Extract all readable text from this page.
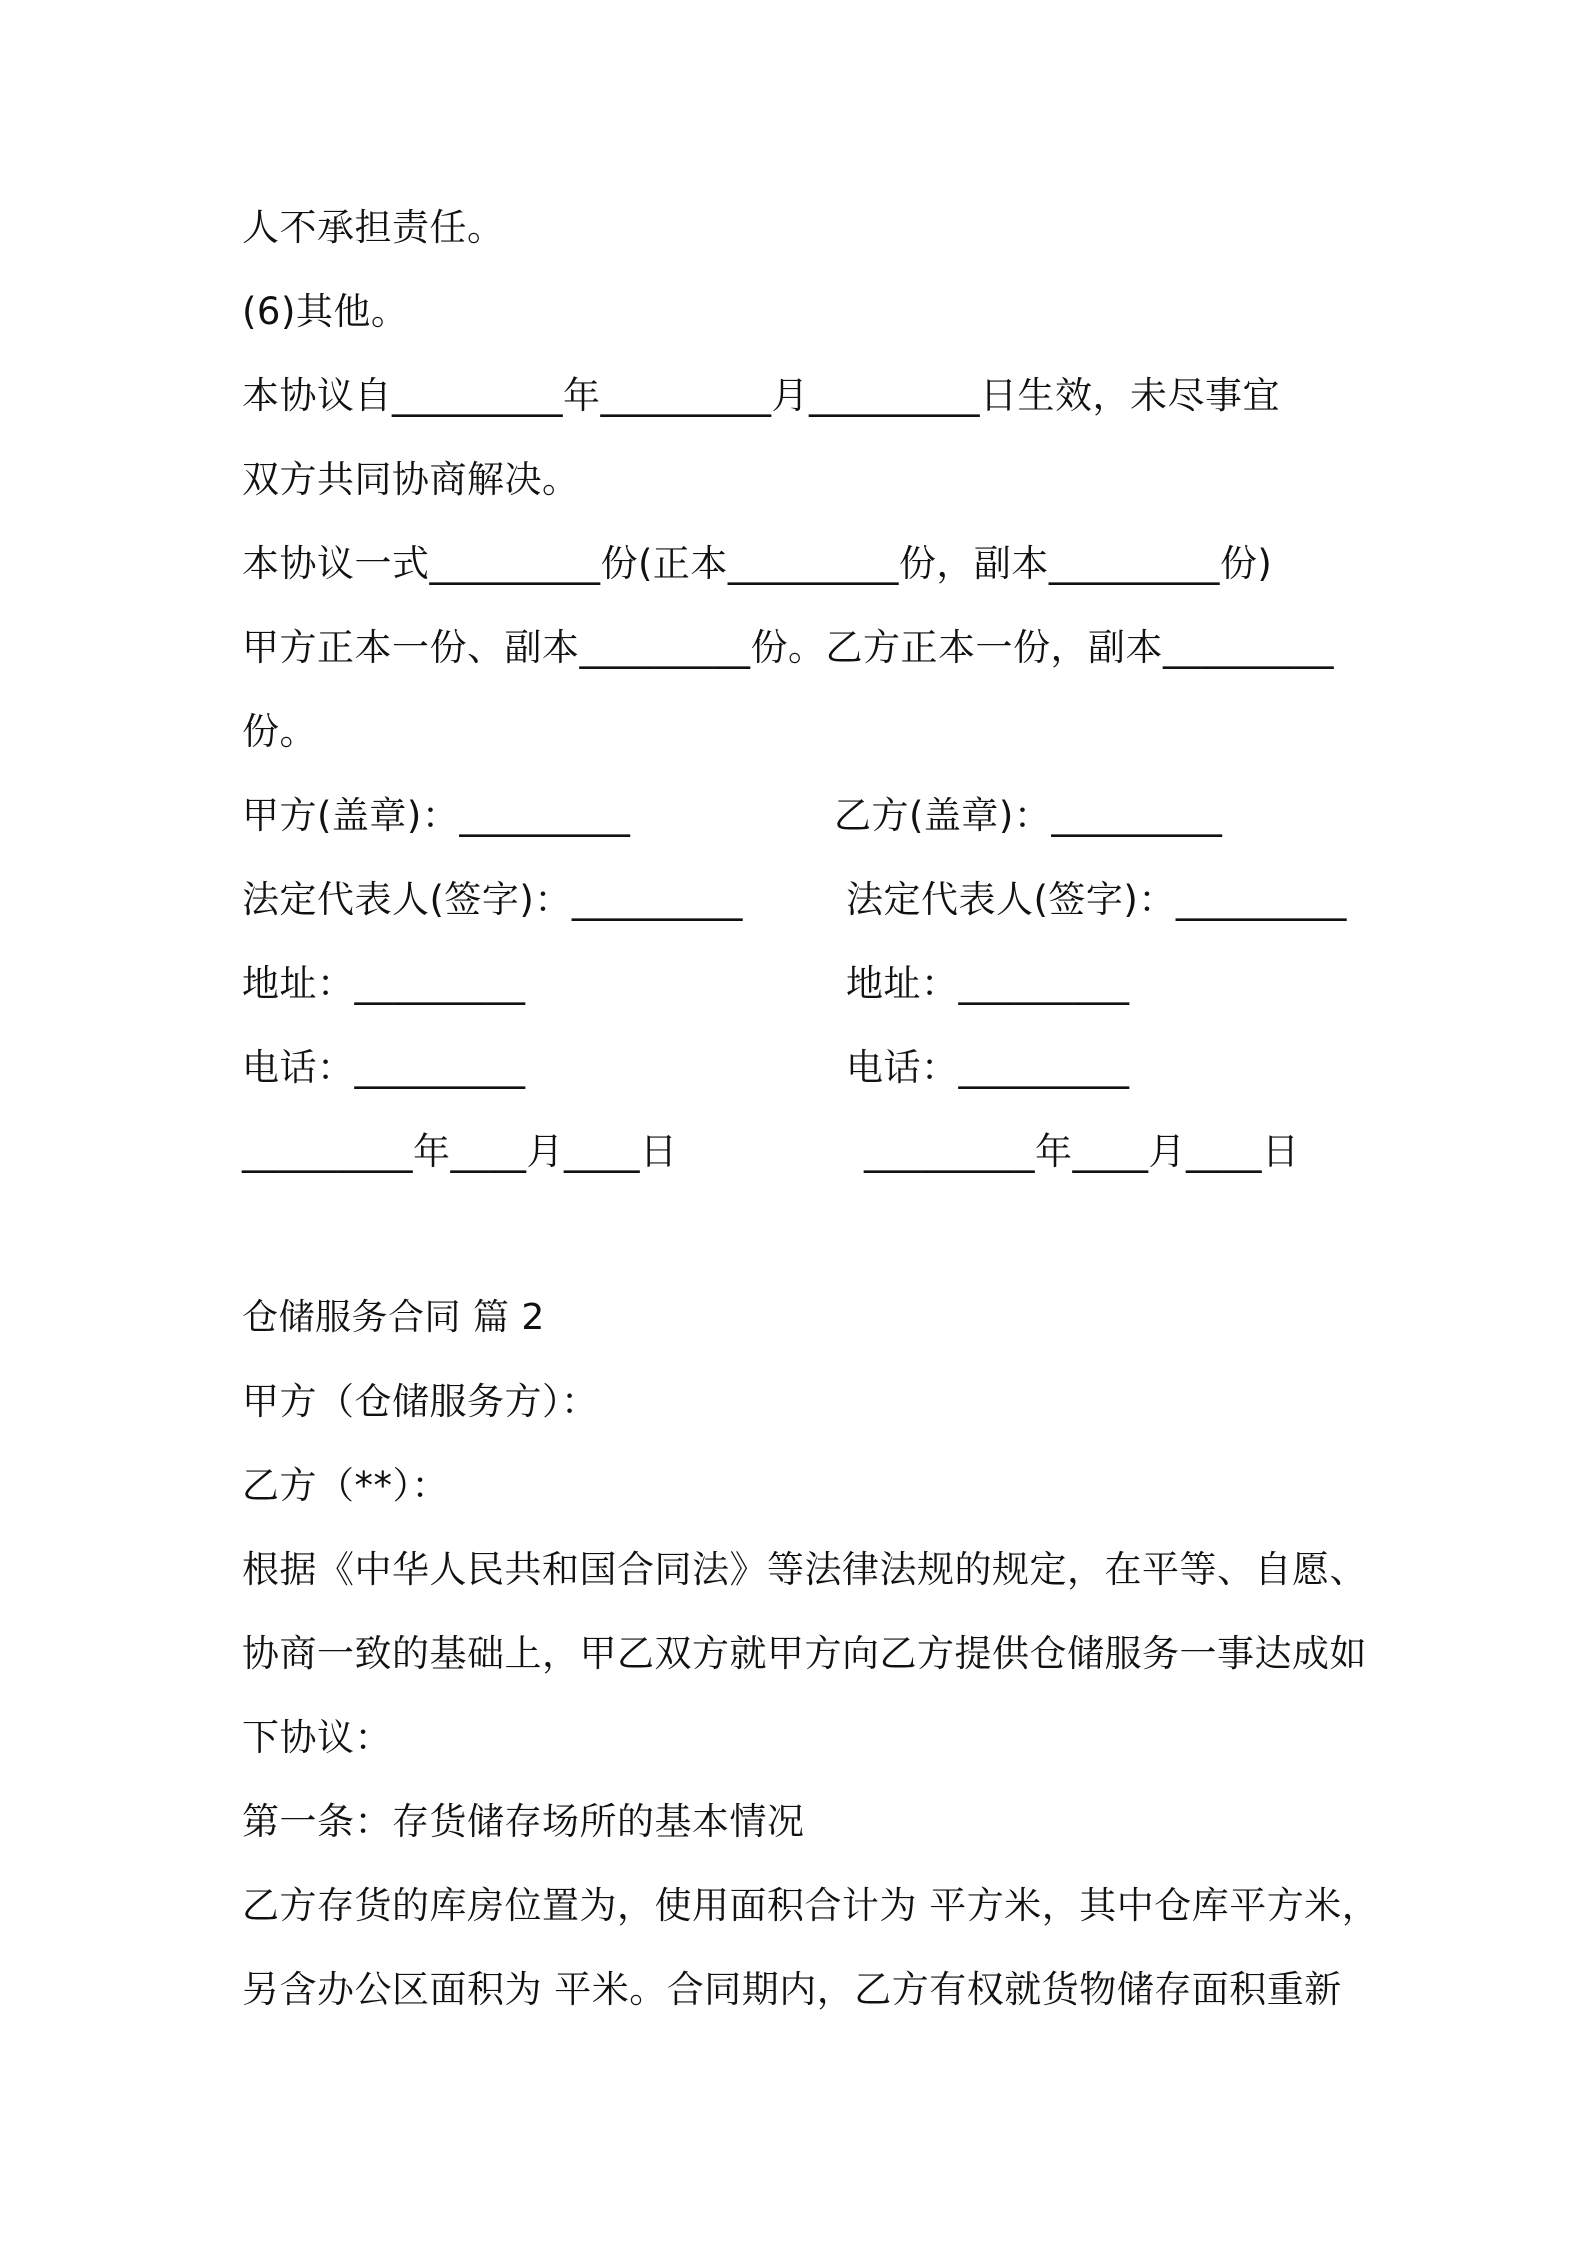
人不承担责任。
(6)其他。
本协议自_________年_________月_________日生效，未尽事宜
双方共同协商解决。
本协议一式_________份(正本_________份，副本_________份)
甲方正本一份、副本_________份。乙方正本一份，副本_________
份。
甲方(盖章)：_________	乙方(盖章)：_________
法定代表人(签字)：_________	法定代表人(签字)：_________
地址：_________	地址：_________
电话：_________	电话：_________
_________年____月____日	_________年____月____日
仓储服务合同 篇 2
甲方（仓储服务方）：
乙方（**）：
根据《中华人民共和国合同法》等法律法规的规定，在平等、自愿、
协商一致的基础上，甲乙双方就甲方向乙方提供仓储服务一事达成如
下协议：
第一条：存货储存场所的基本情况
乙方存货的库房位置为，使用面积合计为 平方米，其中仓库平方米，
另含办公区面积为 平米。合同期内，乙方有权就货物储存面积重新
